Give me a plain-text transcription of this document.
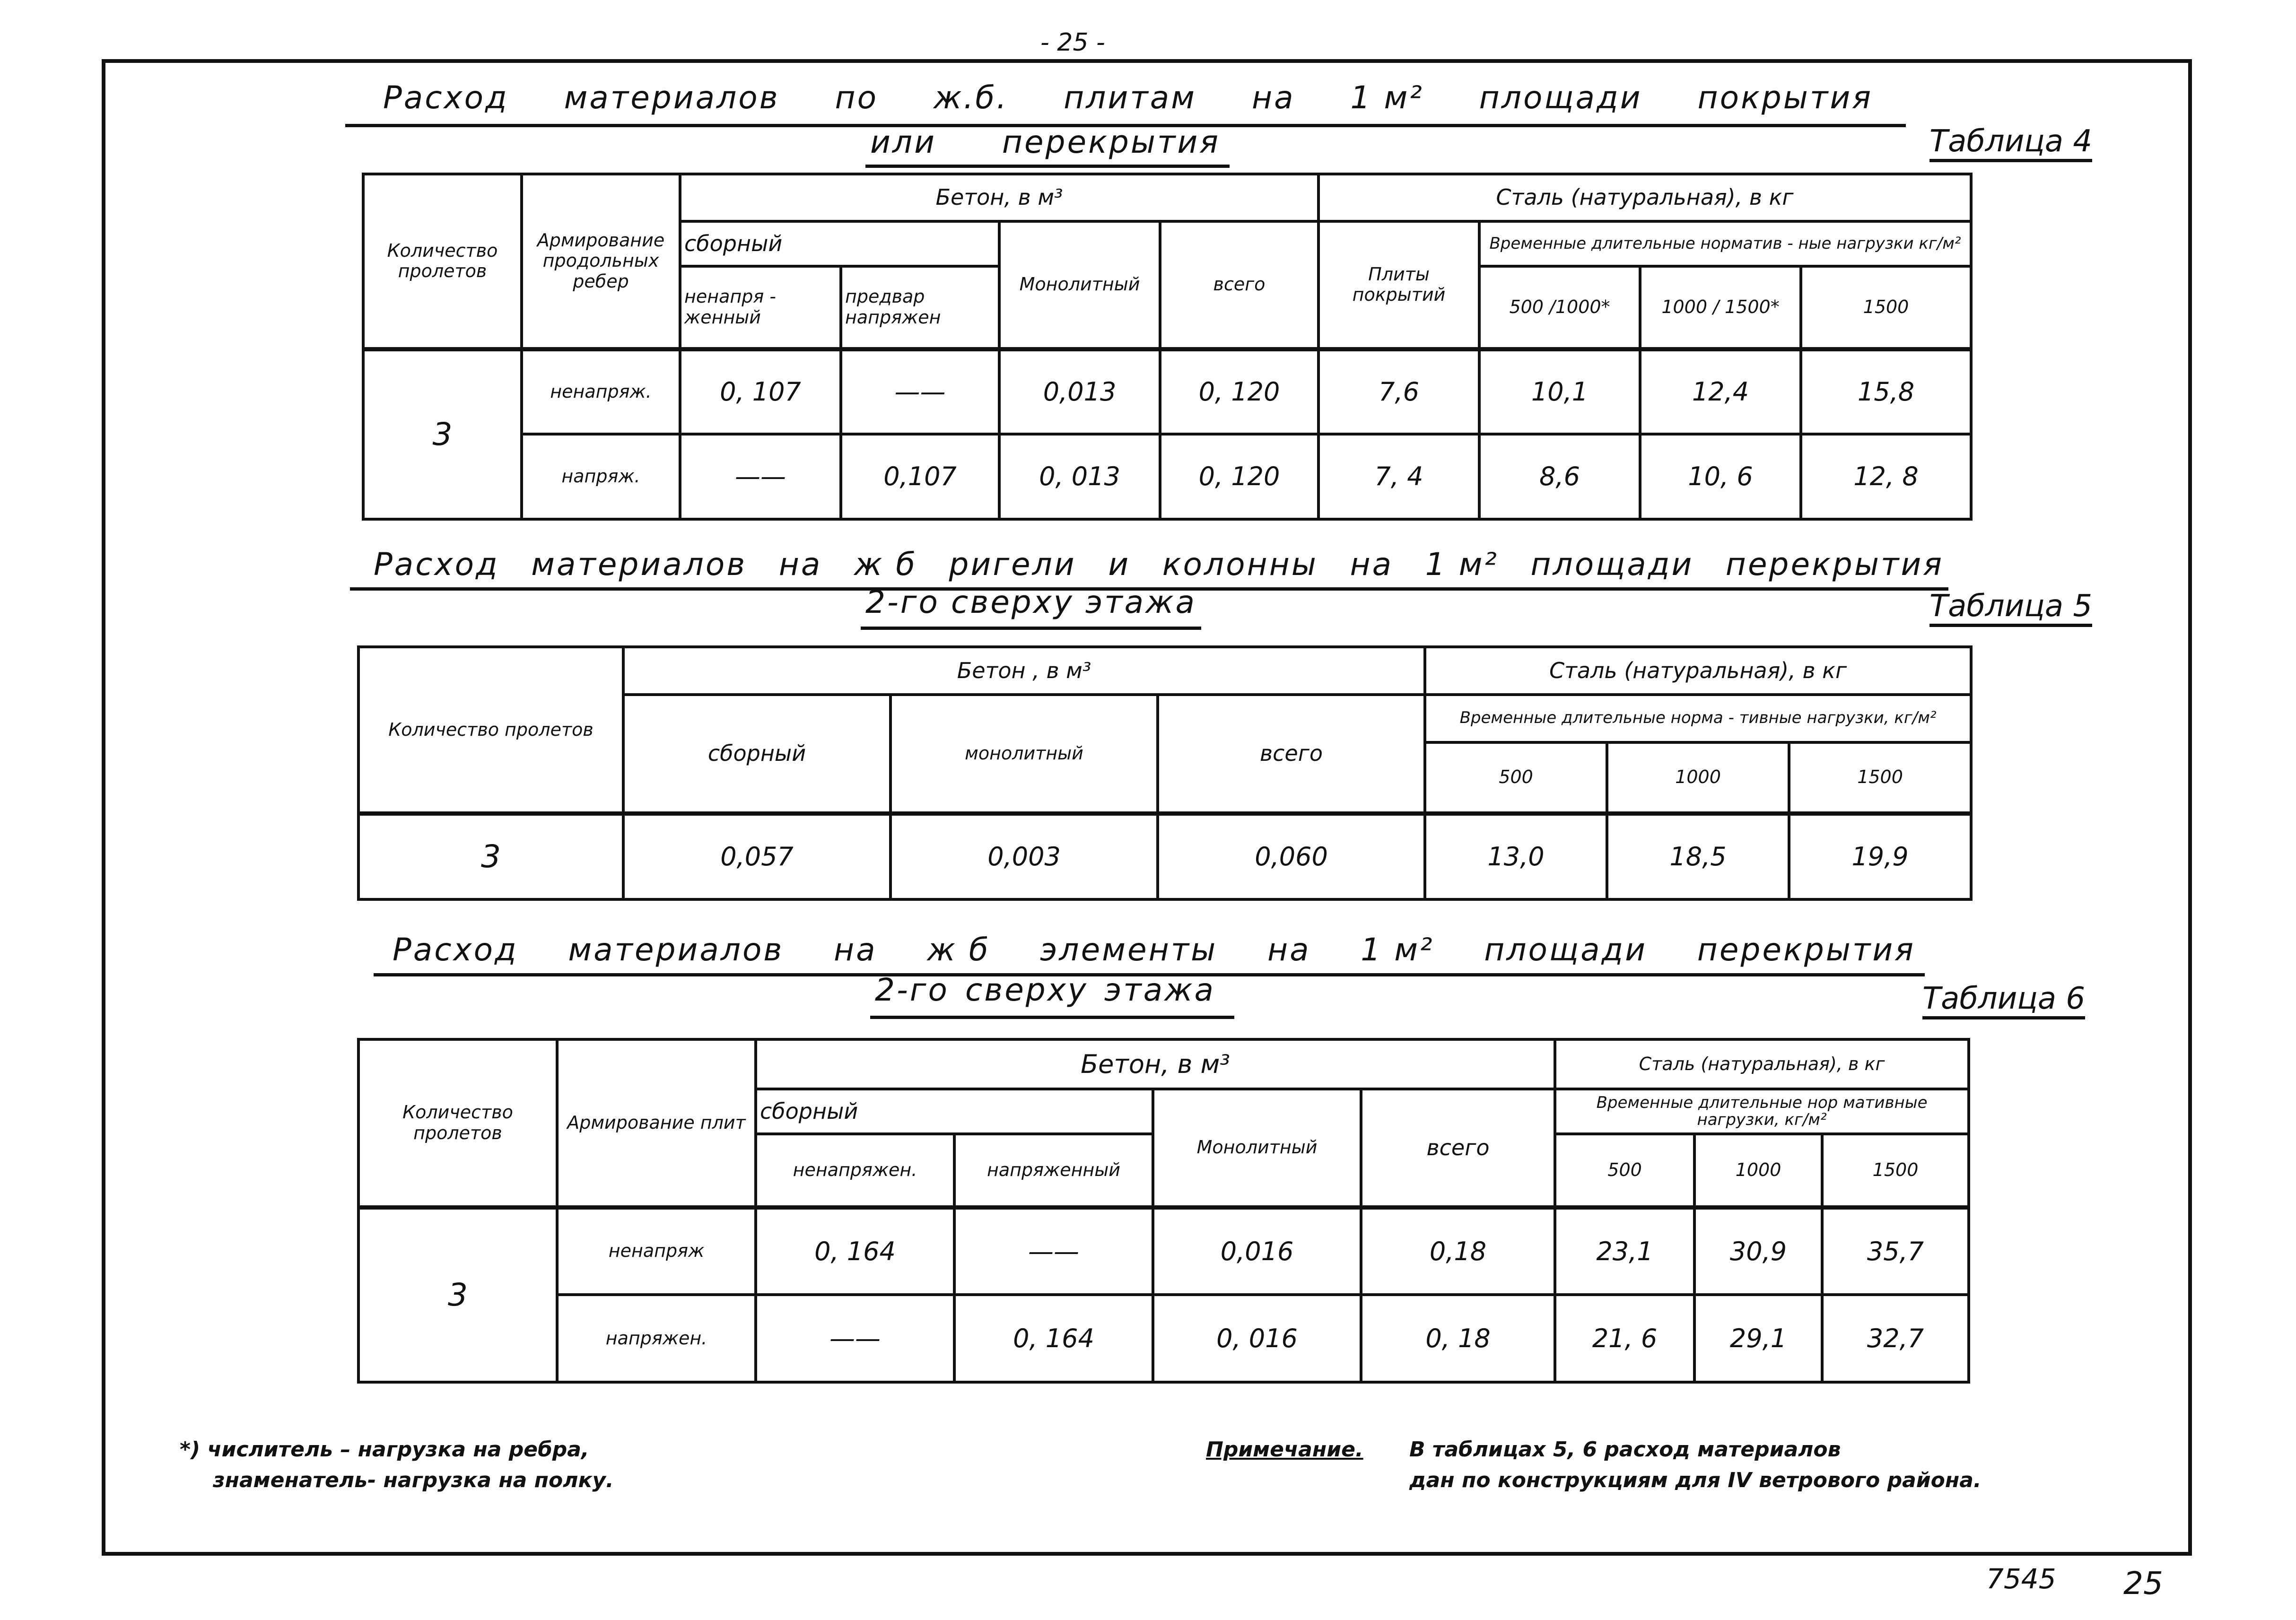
- 25 -
Расход материалов по ж.б. плитам на 1 м² площади покрытия
или перекрытия	Таблица 4
Количество пролетов	Армирование продольных ребер	Бетон, в м³				Сталь (натуральная), в кг			
		сборный		Монолитный	всего	Плиты покрытий	Временные длительные норматив - ные нагрузки кг/м²		
		ненапря - женный	предвар напряжен				500 /1000*	1000 / 1500*	1500
3	ненапряж.	0, 107	——	0,013	0, 120	7,6	10,1	12,4	15,8
	напряж.	——	0,107	0, 013	0, 120	7, 4	8,6	10, 6	12, 8
Расход материалов на ж б ригели и колонны на 1 м² площади перекрытия
2-го сверху этажа	Таблица 5
Количество пролетов	Бетон , в м³			Сталь (натуральная), в кг		
	сборный	монолитный	всего	Временные длительные норма - тивные нагрузки, кг/м²		
				500	1000	1500
3	0,057	0,003	0,060	13,0	18,5	19,9
Расход материалов на ж б элементы на 1 м² площади перекрытия
2-го сверху этажа	Таблица 6
Количество пролетов	Армирование плит	Бетон, в м³				Сталь (натуральная), в кг		
		сборный		Монолитный	всего	Временные длительные нор мативные нагрузки, кг/м²		
		ненапряжен.	напряженный			500	1000	1500
3	ненапряж	0, 164	——	0,016	0,18	23,1	30,9	35,7
	напряжен.	——	0, 164	0, 016	0, 18	21, 6	29,1	32,7
*) числитель – нагрузка на ребра,
знаменатель- нагрузка на полку.
Примечание. В таблицах 5, 6 расход материалов
дан по конструкциям для IV ветрового района.
7545 25
